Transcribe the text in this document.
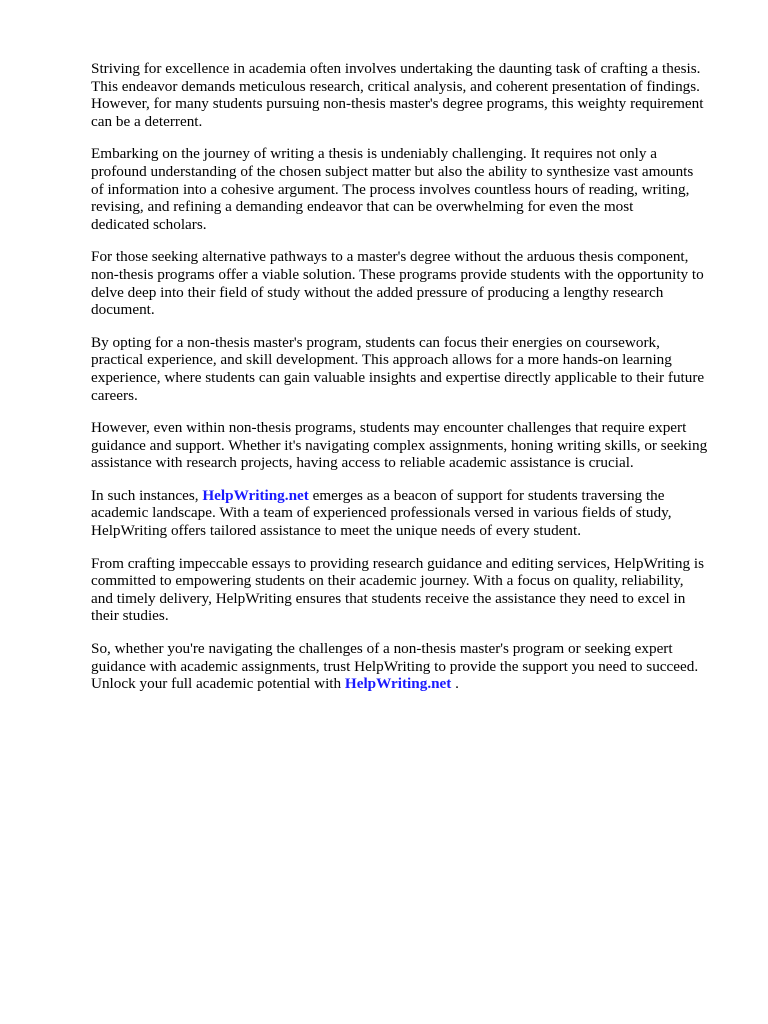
Striving for excellence in academia often involves undertaking the daunting task of crafting a thesis.
This endeavor demands meticulous research, critical analysis, and coherent presentation of findings.
However, for many students pursuing non-thesis master's degree programs, this weighty requirement
can be a deterrent.

Embarking on the journey of writing a thesis is undeniably challenging. It requires not only a
profound understanding of the chosen subject matter but also the ability to synthesize vast amounts
of information into a cohesive argument. The process involves countless hours of reading, writing,
revising, and refining a demanding endeavor that can be overwhelming for even the most
dedicated scholars.

For those seeking alternative pathways to a master's degree without the arduous thesis component,
non-thesis programs offer a viable solution. These programs provide students with the opportunity to
delve deep into their field of study without the added pressure of producing a lengthy research
document.

By opting for a non-thesis master's program, students can focus their energies on coursework,
practical experience, and skill development. This approach allows for a more hands-on learning
experience, where students can gain valuable insights and expertise directly applicable to their future
careers.

However, even within non-thesis programs, students may encounter challenges that require expert
guidance and support. Whether it's navigating complex assignments, honing writing skills, or seeking
assistance with research projects, having access to reliable academic assistance is crucial.

In such instances, HelpWriting.net emerges as a beacon of support for students traversing the
academic landscape. With a team of experienced professionals versed in various fields of study,
HelpWriting offers tailored assistance to meet the unique needs of every student.

From crafting impeccable essays to providing research guidance and editing services, HelpWriting is
committed to empowering students on their academic journey. With a focus on quality, reliability,
and timely delivery, HelpWriting ensures that students receive the assistance they need to excel in
their studies.

So, whether you're navigating the challenges of a non-thesis master's program or seeking expert
guidance with academic assignments, trust HelpWriting to provide the support you need to succeed.
Unlock your full academic potential with HelpWriting.net .
